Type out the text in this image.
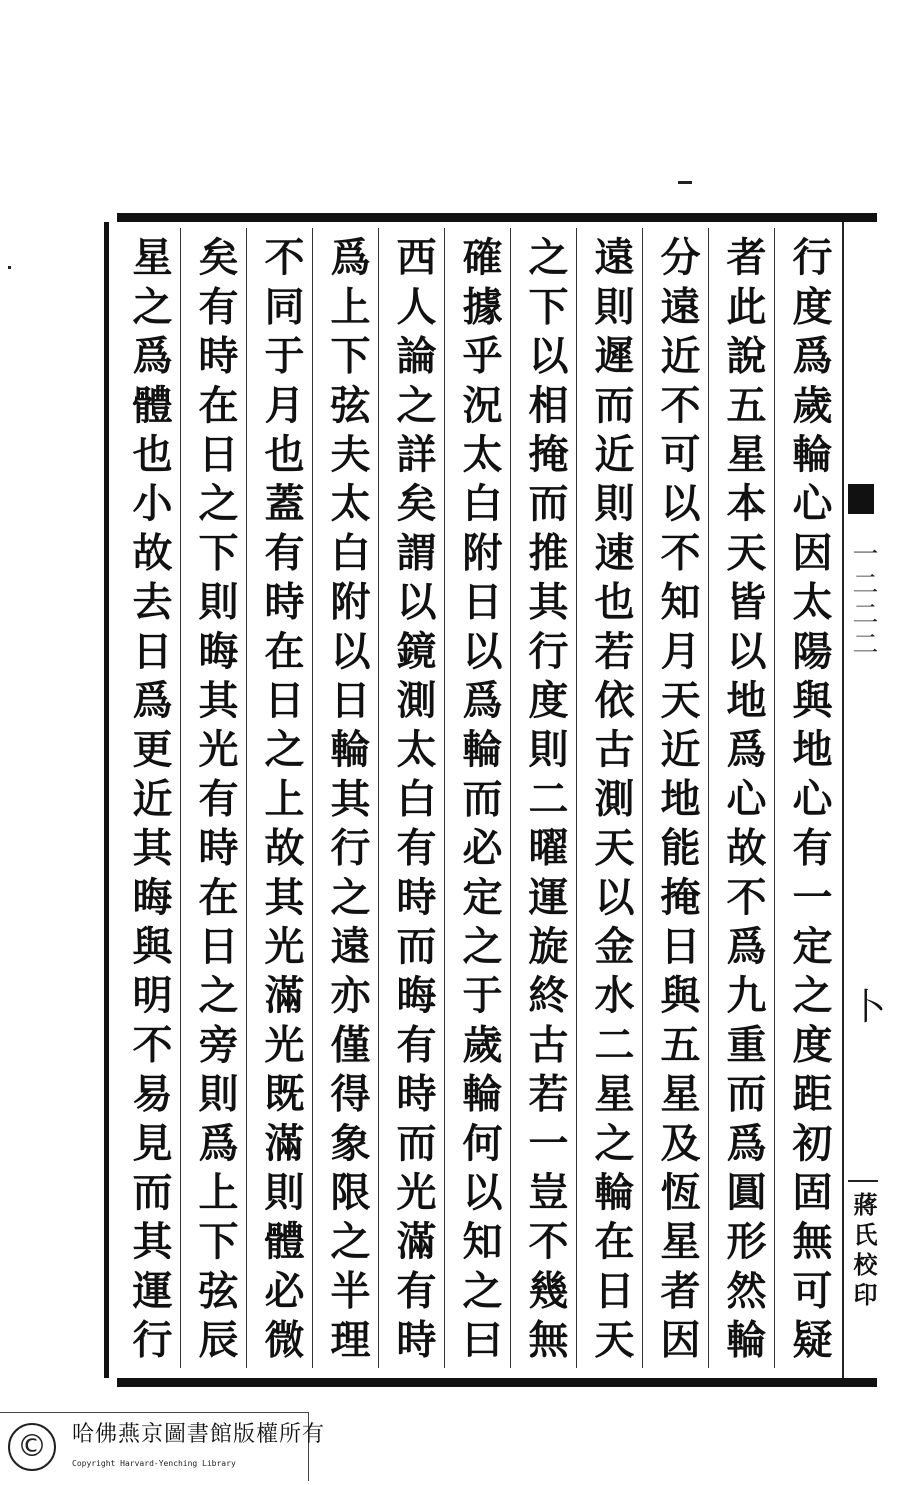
行度爲歲輪心因太陽與地心有一定之度距初固無可疑
者此說五星本天皆以地爲心故不爲九重而爲圓形然輪
分遠近不可以不知月天近地能掩日與五星及恆星者因
遠則遲而近則速也若依古測天以金水二星之輪在日天
之下以相掩而推其行度則二曜運旋終古若一豈不幾無
確據乎況太白附日以爲輪而必定之于歲輪何以知之曰
西人論之詳矣謂以鏡測太白有時而晦有時而光滿有時
爲上下弦夫太白附以日輪其行之遠亦僅得象限之半理
不同于月也蓋有時在日之上故其光滿光既滿則體必微
矣有時在日之下則晦其光有時在日之旁則爲上下弦辰
星之爲體也小故去日爲更近其晦與明不易見而其運行	一二二二
卜
蔣氏校印
©	哈佛燕京圖書館版權所有
Copyright Harvard-Yenching Library
